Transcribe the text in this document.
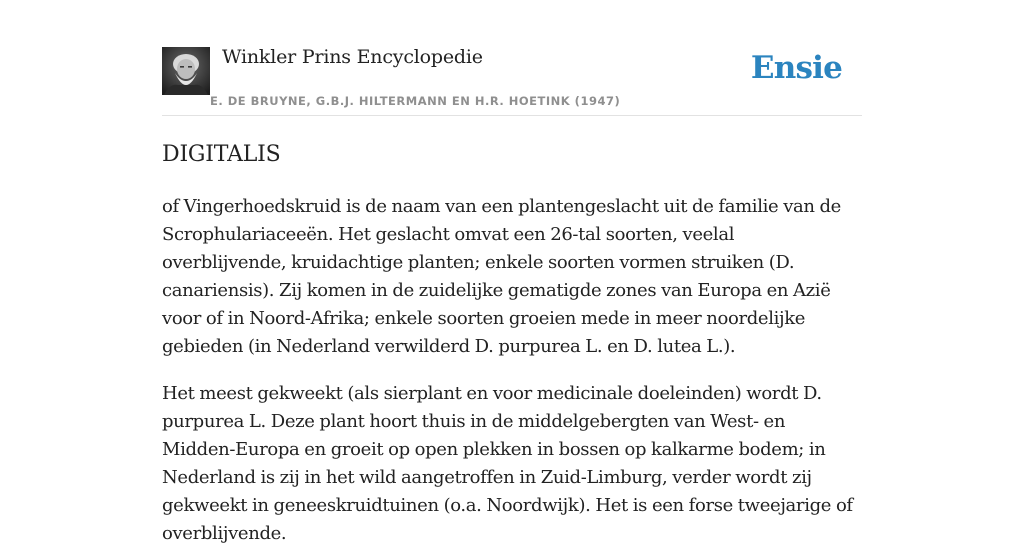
Winkler Prins Encyclopedie
E. DE BRUYNE, G.B.J. HILTERMANN EN H.R. HOETINK (1947)
Ensie
DIGITALIS

of Vingerhoedskruid is de naam van een plantengeslacht uit de familie van de Scrophulariaceeën. Het geslacht omvat een 26-tal soorten, veelal overblijvende, kruidachtige planten; enkele soorten vormen struiken (D. canariensis). Zij komen in de zuidelijke gematigde zones van Europa en Azië voor of in Noord-Afrika; enkele soorten groeien mede in meer noordelijke gebieden (in Nederland verwilderd D. purpurea L. en D. lutea L.).

Het meest gekweekt (als sierplant en voor medicinale doeleinden) wordt D. purpurea L. Deze plant hoort thuis in de middelgebergten van West- en Midden-Europa en groeit op open plekken in bossen op kalkarme bodem; in Nederland is zij in het wild aangetroffen in Zuid-Limburg, verder wordt zij gekweekt in geneeskruidtuinen (o.a. Noordwijk). Het is een forse tweejarige of overblijvende.
